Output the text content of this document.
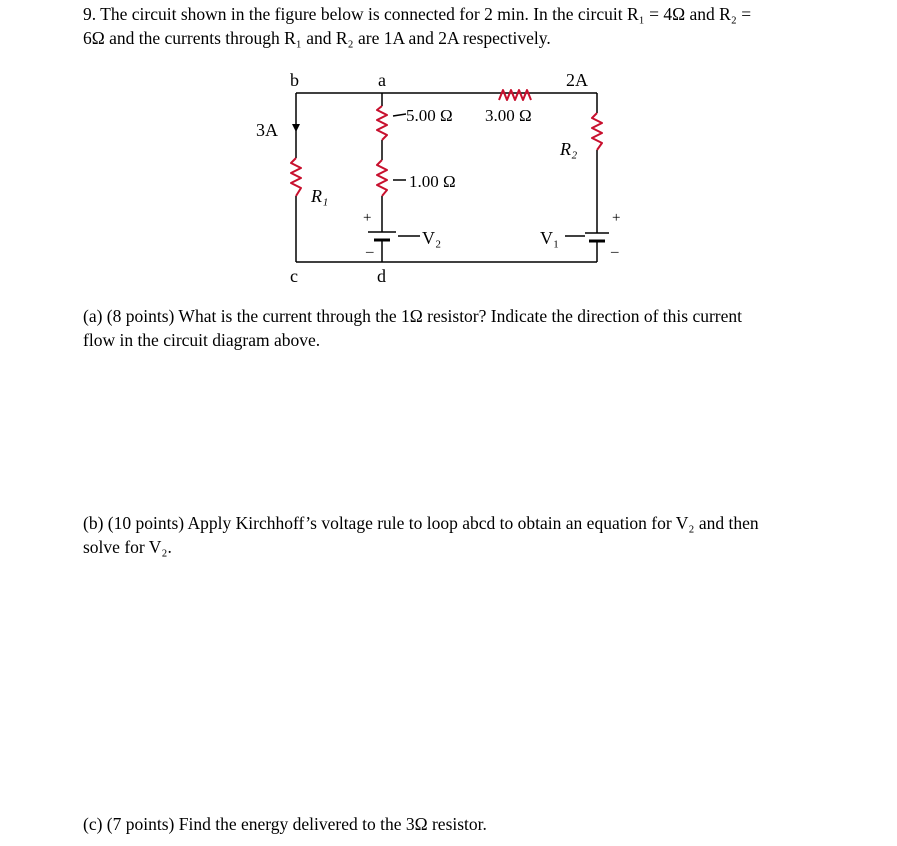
9. The circuit shown in the figure below is connected for 2 min. In the circuit R₁ = 4Ω and R₂ =
6Ω and the currents through R₁ and R₂ are 1A and 2A respectively.
b	a
c	d
3A
2A
5.00 Ω 3.00 Ω
1.00 Ω
R₁
R₂
V₂	V₁
+
–
+
–
(a) (8 points) What is the current through the 1Ω resistor? Indicate the direction of this current
flow in the circuit diagram above.
(b) (10 points) Apply Kirchhoff’s voltage rule to loop abcd to obtain an equation for V₂ and then
solve for V₂.
(c) (7 points) Find the energy delivered to the 3Ω resistor.
